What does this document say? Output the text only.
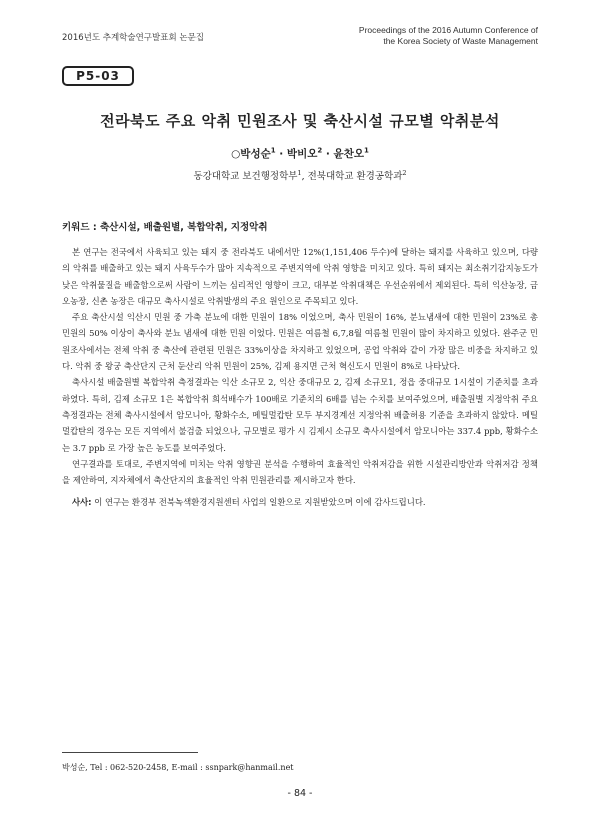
2016년도 추계학술연구발표회 논문집
Proceedings of the 2016 Autumn Conference of
the Korea Society of Waste Management
P5-03
전라북도 주요 악취 민원조사 및 축산시설 규모별 악취분석
○박성순$^1$ · 박비오$^2$ · 윤찬오$^1$
동강대학교 보건행정학부$^1$, 전북대학교 환경공학과$^2$
키워드 : 축산시설, 배출원별, 복합악취, 지정악취

본 연구는 전국에서 사육되고 있는 돼지 중 전라북도 내에서만 12%(1,151,406 두수)에 달하는 돼지를 사육하고 있으며, 다량의 악취를 배출하고 있는 돼지 사육두수가 많아 지속적으로 주변지역에 악취 영향을 미치고 있다. 특히 돼지는 최소취기감지농도가 낮은 악취물질을 배출함으로써 사람이 느끼는 심리적인 영향이 크고, 대부분 악취대책은 우선순위에서 제외된다. 특히 익산농장, 금오농장, 신촌 농장은 대규모 축사시설로 악취발생의 주요 원인으로 주목되고 있다.

주요 축산시설 익산시 민원 중 가축 분뇨에 대한 민원이 18% 이었으며, 축사 민원이 16%, 분뇨냄새에 대한 민원이 23%로 총 민원의 50% 이상이 축사와 분뇨 냄새에 대한 민원 이었다. 민원은 여름철 6,7,8월 여름철 민원이 많이 차지하고 있었다. 완주군 민원조사에서는 전체 악취 중 축산에 관련된 민원은 33%이상을 차지하고 있었으며, 공업 악취와 같이 가장 많은 비중을 차지하고 있다. 악취 중 왕궁 축산단지 근처 둔산리 악취 민원이 25%, 김제 용지면 근처 혁신도시 민원이 8%로 나타났다.

축사시설 배출원별 복합악취 측정결과는 익산 소규모 2, 익산 중대규모 2, 김제 소규모1, 정읍 중대규모 1시설이 기준치를 초과 하였다. 특히, 김제 소규모 1은 복합악취 희석배수가 100배로 기준치의 6배를 넘는 수치를 보여주었으며, 배출원별 지정악취 주요 측정결과는 전체 축사시설에서 암모니아, 황화수소, 메틸멀캅탄 모두 부지경계선 지정악취 배출허용 기준을 초과하지 않았다. 메틸멀캅탄의 경우는 모든 지역에서 불검출 되었으나, 규모별로 평가 시 김제시 소규모 축사시설에서 암모니아는 337.4 ppb, 황화수소는 3.7 ppb 로 가장 높은 농도를 보여주었다.

연구결과를 토대로, 주변지역에 미치는 악취 영향권 분석을 수행하여 효율적인 악취저감을 위한 시설관리방안과 악취저감 정책을 제안하여, 지자체에서 축산단지의 효율적인 악취 민원관리를 제시하고자 한다.

사사: 이 연구는 환경부 전북녹색환경지원센터 사업의 일환으로 지원받았으며 이에 감사드립니다.

박성순, Tel : 062-520-2458, E-mail : ssnpark@hanmail.net
- 84 -
